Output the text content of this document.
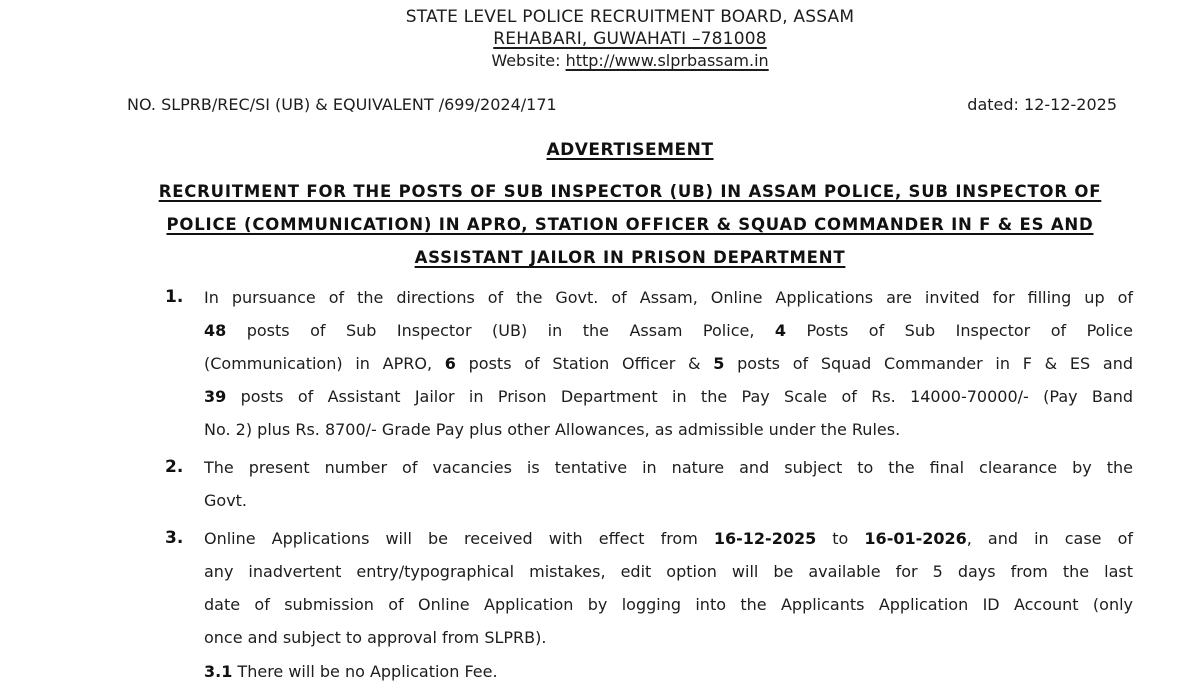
STATE LEVEL POLICE RECRUITMENT BOARD, ASSAM
REHABARI, GUWAHATI –781008
Website: http://www.slprbassam.in
NO. SLPRB/REC/SI (UB) & EQUIVALENT /699/2024/171	dated: 12-12-2025
ADVERTISEMENT
RECRUITMENT FOR THE POSTS OF SUB INSPECTOR (UB) IN ASSAM POLICE, SUB INSPECTOR OF
POLICE (COMMUNICATION) IN APRO, STATION OFFICER & SQUAD COMMANDER IN F & ES AND
ASSISTANT JAILOR IN PRISON DEPARTMENT
1.	In pursuance of the directions of the Govt. of Assam, Online Applications are invited for filling up of
48 posts of Sub Inspector (UB) in the Assam Police, 4 Posts of Sub Inspector of Police
(Communication) in APRO, 6 posts of Station Officer & 5 posts of Squad Commander in F & ES and
39 posts of Assistant Jailor in Prison Department in the Pay Scale of Rs. 14000-70000/- (Pay Band
No. 2) plus Rs. 8700/- Grade Pay plus other Allowances, as admissible under the Rules.
2.	The present number of vacancies is tentative in nature and subject to the final clearance by the
Govt.
3.	Online Applications will be received with effect from 16-12-2025 to 16-01-2026, and in case of
any inadvertent entry/typographical mistakes, edit option will be available for 5 days from the last
date of submission of Online Application by logging into the Applicants Application ID Account (only
once and subject to approval from SLPRB).
3.1 There will be no Application Fee.
